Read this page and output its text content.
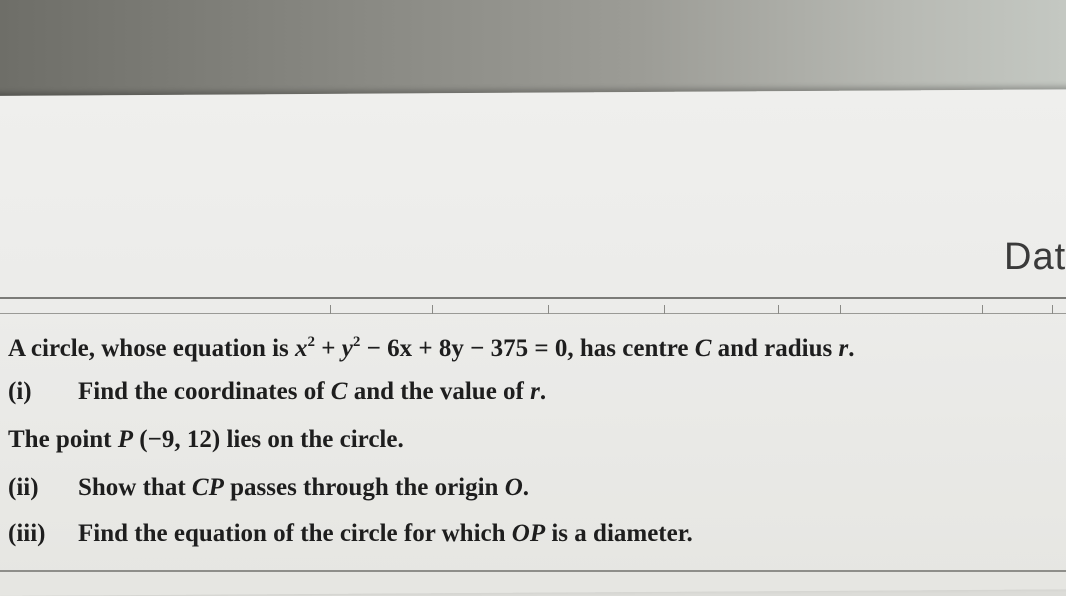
Dat
A circle, whose equation is $x^2 + y^2 - 6x + 8y - 375 = 0$, has centre C and radius r.
(i) Find the coordinates of C and the value of r.
The point P (−9, 12) lies on the circle.
(ii) Show that CP passes through the origin O.
(iii) Find the equation of the circle for which OP is a diameter.
